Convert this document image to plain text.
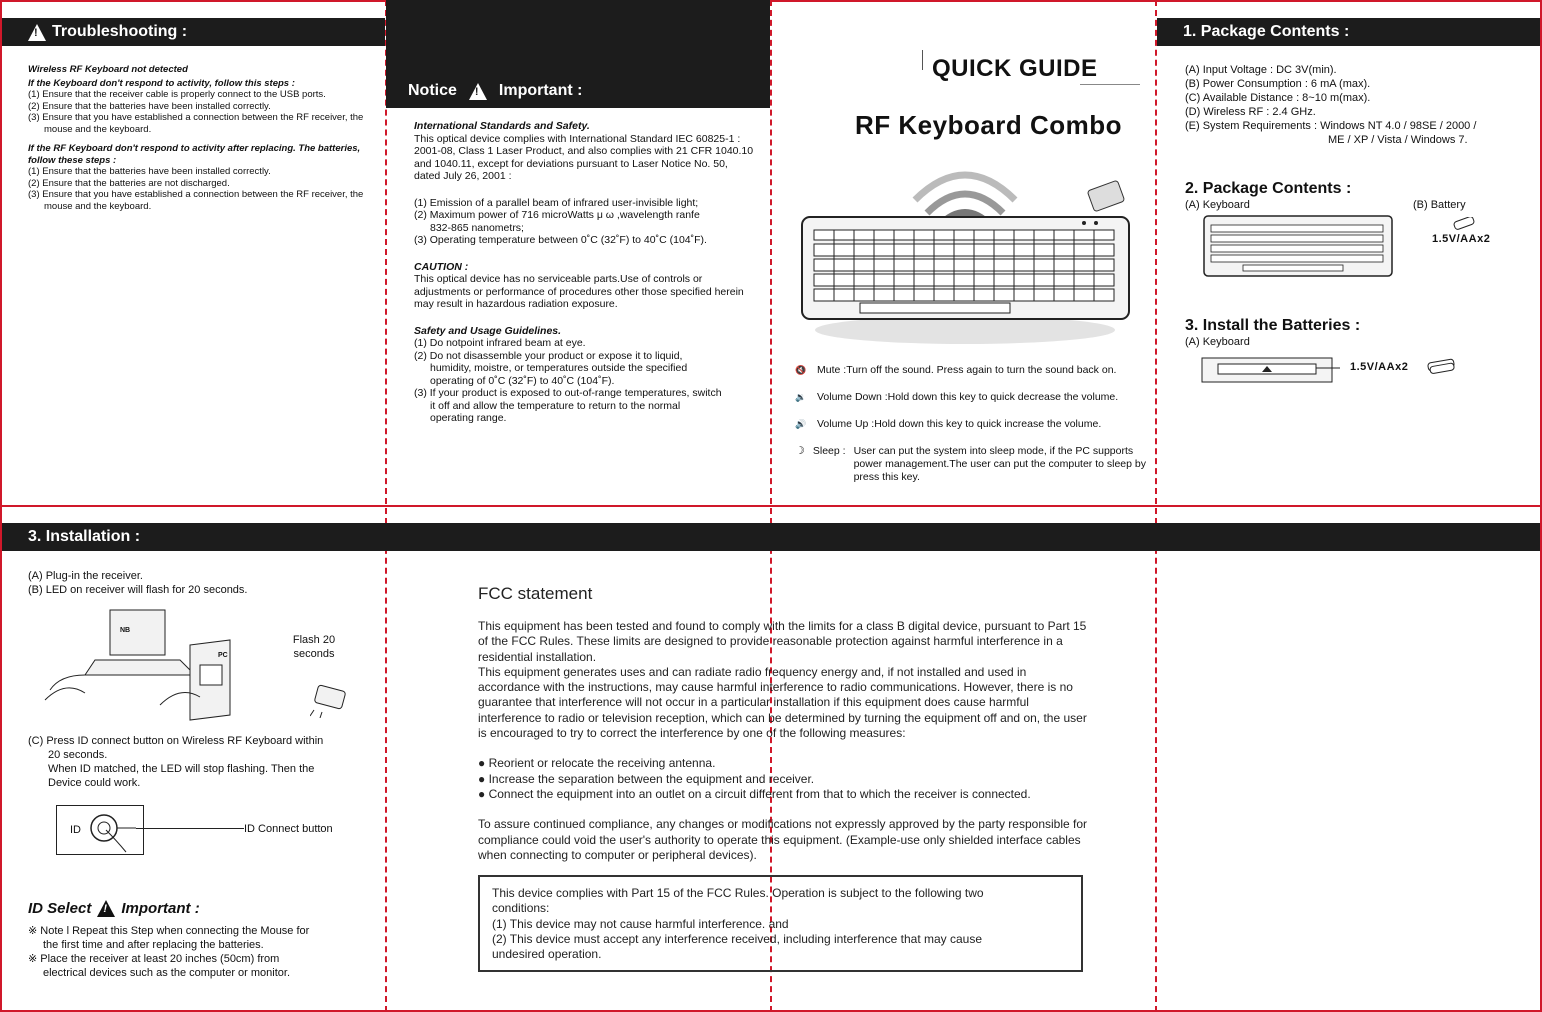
!
Troubleshooting :
Notice !	Important :
1. Package Contents :
3. Installation :
Wireless RF Keyboard not detected
If the Keyboard don't respond to activity, follow this steps :
(1) Ensure that the receiver cable is properly connect to the USB ports.
(2) Ensure that the batteries have been installed correctly.
(3) Ensure that you have established a connection between the RF receiver, the
mouse and the keyboard.
If the RF Keyboard don't respond to activity after replacing. The batteries, follow these steps :
(1) Ensure that the batteries have been installed correctly.
(2) Ensure that the batteries are not discharged.
(3) Ensure that you have established a connection between the RF receiver, the
mouse and the keyboard.
International Standards and Safety.
This optical device complies with International Standard IEC 60825-1 : 2001-08, Class 1 Laser Product, and also complies with 21 CFR 1040.10 and 1040.11, except for deviations pursuant to Laser Notice No. 50, dated July 26, 2001 :
(1) Emission of a parallel beam of infrared user-invisible light;
(2) Maximum power of 716 microWatts μ ω ,wavelength ranfe
832-865 nanometrs;
(3) Operating temperature between 0˚C (32˚F) to 40˚C (104˚F).
CAUTION :
This optical device has no serviceable parts.Use of controls or adjustments or performance of procedures other those specified herein may result in hazardous radiation exposure.
Safety and Usage Guidelines.
(1) Do notpoint infrared beam at eye.
(2) Do not disassemble your product or expose it to liquid,
humidity, moistre, or temperatures outside the specified
operating of 0˚C (32˚F) to 40˚C (104˚F).
(3) If your product is exposed to out-of-range temperatures, switch
it off and allow the temperature to return to the normal
operating range.
QUICK GUIDE
RF Keyboard Combo
🔇 Mute :Turn off the sound. Press again to turn the sound back on.
🔉 Volume Down :Hold down this key to quick decrease the volume.
🔊 Volume Up :Hold down this key to quick increase the volume.
☽ Sleep : User can put the system into sleep mode, if the PC supports power management.The user can put the computer to sleep by press this key.
(A) Input Voltage : DC 3V(min).
(B) Power Consumption : 6 mA (max).
(C) Available Distance : 8~10 m(max).
(D) Wireless RF : 2.4 GHz.
(E) System Requirements : Windows NT 4.0 / 98SE / 2000 /
ME / XP / Vista / Windows 7.
2. Package Contents :
(A) Keyboard	(B) Battery
1.5V/AAx2
3. Install the Batteries :
(A) Keyboard
1.5V/AAx2
(A) Plug-in the receiver.
(B) LED on receiver will flash for 20 seconds.
NB
PC
Flash 20
seconds
(C) Press ID connect button on Wireless RF Keyboard within
20 seconds.
When ID matched, the LED will stop flashing. Then the
Device could work.
ID	ID Connect button
ID Select ! Important :
※ Note l Repeat this Step when connecting the Mouse for
the first time and after replacing the batteries.
※ Place the receiver at least 20 inches (50cm) from
electrical devices such as the computer or monitor.
FCC statement
This equipment has been tested and found to comply with the limits for a class B digital device, pursuant to Part 15 of the FCC Rules. These limits are designed to provide reasonable protection against harmful interference in a residential installation.
This equipment generates uses and can radiate radio frequency energy and, if not installed and used in accordance with the instructions, may cause harmful interference to radio communications. However, there is no guarantee that interference will not occur in a particular installation if this equipment does cause harmful interference to radio or television reception, which can be determined by turning the equipment off and on, the user is encouraged to try to correct the interference by one of the following measures:
● Reorient or relocate the receiving antenna.
● Increase the separation between the equipment and receiver.
● Connect the equipment into an outlet on a circuit different from that to which the receiver is connected.
To assure continued compliance, any changes or modifications not expressly approved by the party responsible for compliance could void the user's authority to operate this equipment. (Example-use only shielded interface cables when connecting to computer or peripheral devices).
This device complies with Part 15 of the FCC Rules. Operation is subject to the following two
conditions:
(1) This device may not cause harmful interference. and
(2) This device must accept any interference received, including interference that may cause
undesired operation.
